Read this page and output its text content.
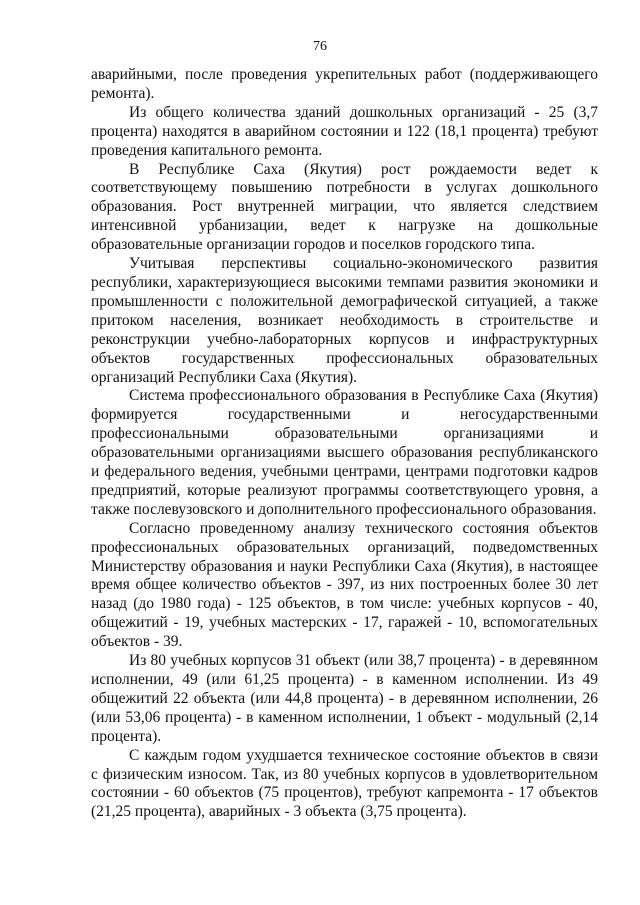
76

аварийными, после проведения укрепительных работ (поддерживающего ремонта).

Из общего количества зданий дошкольных организаций - 25 (3,7 процента) находятся в аварийном состоянии и 122 (18,1 процента) требуют проведения капитального ремонта.

В Республике Саха (Якутия) рост рождаемости ведет к соответствующему повышению потребности в услугах дошкольного образования. Рост внутренней миграции, что является следствием интенсивной урбанизации, ведет к нагрузке на дошкольные образовательные организации городов и поселков городского типа.

Учитывая перспективы социально-экономического развития республики, характеризующиеся высокими темпами развития экономики и промышленности с положительной демографической ситуацией, а также притоком населения, возникает необходимость в строительстве и реконструкции учебно-лабораторных корпусов и инфраструктурных объектов государственных профессиональных образовательных организаций Республики Саха (Якутия).

Система профессионального образования в Республике Саха (Якутия) формируется государственными и негосударственными профессиональными образовательными организациями и образовательными организациями высшего образования республиканского и федерального ведения, учебными центрами, центрами подготовки кадров предприятий, которые реализуют программы соответствующего уровня, а также послевузовского и дополнительного профессионального образования.

Согласно проведенному анализу технического состояния объектов профессиональных образовательных организаций, подведомственных Министерству образования и науки Республики Саха (Якутия), в настоящее время общее количество объектов - 397, из них построенных более 30 лет назад (до 1980 года) - 125 объектов, в том числе: учебных корпусов - 40, общежитий - 19, учебных мастерских - 17, гаражей - 10, вспомогательных объектов - 39.

Из 80 учебных корпусов 31 объект (или 38,7 процента) - в деревянном исполнении, 49 (или 61,25 процента) - в каменном исполнении. Из 49 общежитий 22 объекта (или 44,8 процента) - в деревянном исполнении, 26 (или 53,06 процента) - в каменном исполнении, 1 объект - модульный (2,14 процента).

С каждым годом ухудшается техническое состояние объектов в связи с физическим износом. Так, из 80 учебных корпусов в удовлетворительном состоянии - 60 объектов (75 процентов), требуют капремонта - 17 объектов (21,25 процента), аварийных - 3 объекта (3,75 процента).
